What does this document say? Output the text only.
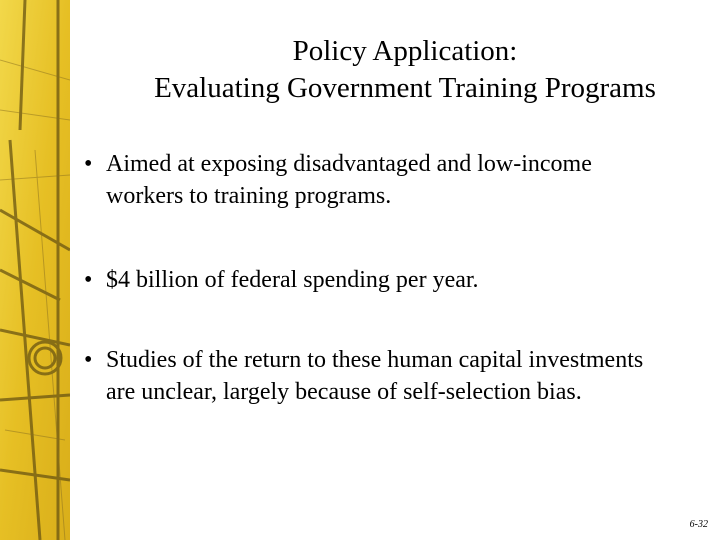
Policy Application:
Evaluating Government Training Programs
• Aimed at exposing disadvantaged and low-income workers to training programs.
• $4 billion of federal spending per year.
• Studies of the return to these human capital investments are unclear, largely because of self-selection bias.
6-32
